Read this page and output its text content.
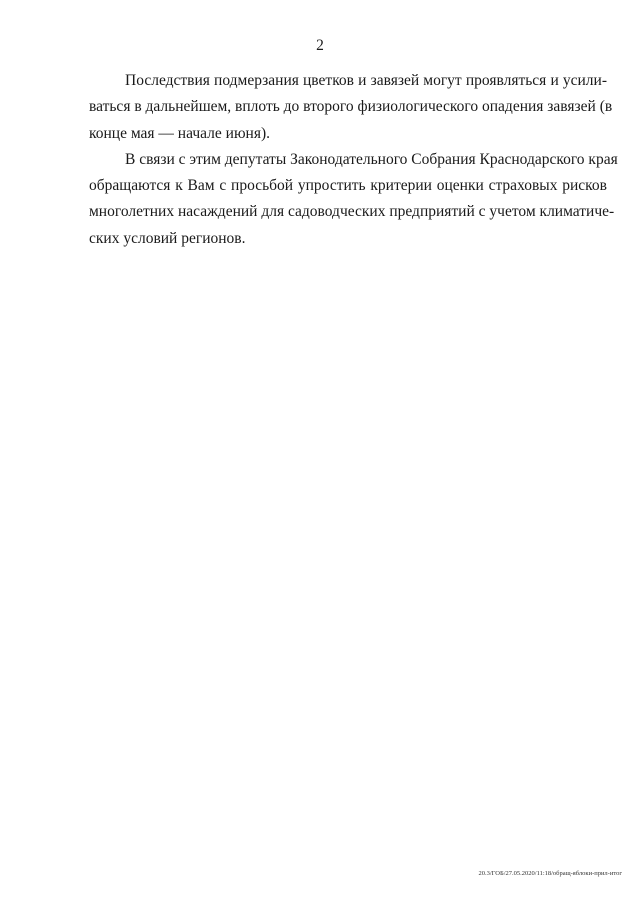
2
Последствия подмерзания цветков и завязей могут проявляться и усили-
ваться в дальнейшем, вплоть до второго физиологического опадения завязей (в
конце мая — начале июня).
В связи с этим депутаты Законодательного Собрания Краснодарского края
обращаются к Вам с просьбой упростить критерии оценки страховых рисков
многолетних насаждений для садоводческих предприятий с учетом климатиче-
ских условий регионов.
20.3/ГОБ/27.05.2020/11:18/обращ-яблоки-прил-итог
